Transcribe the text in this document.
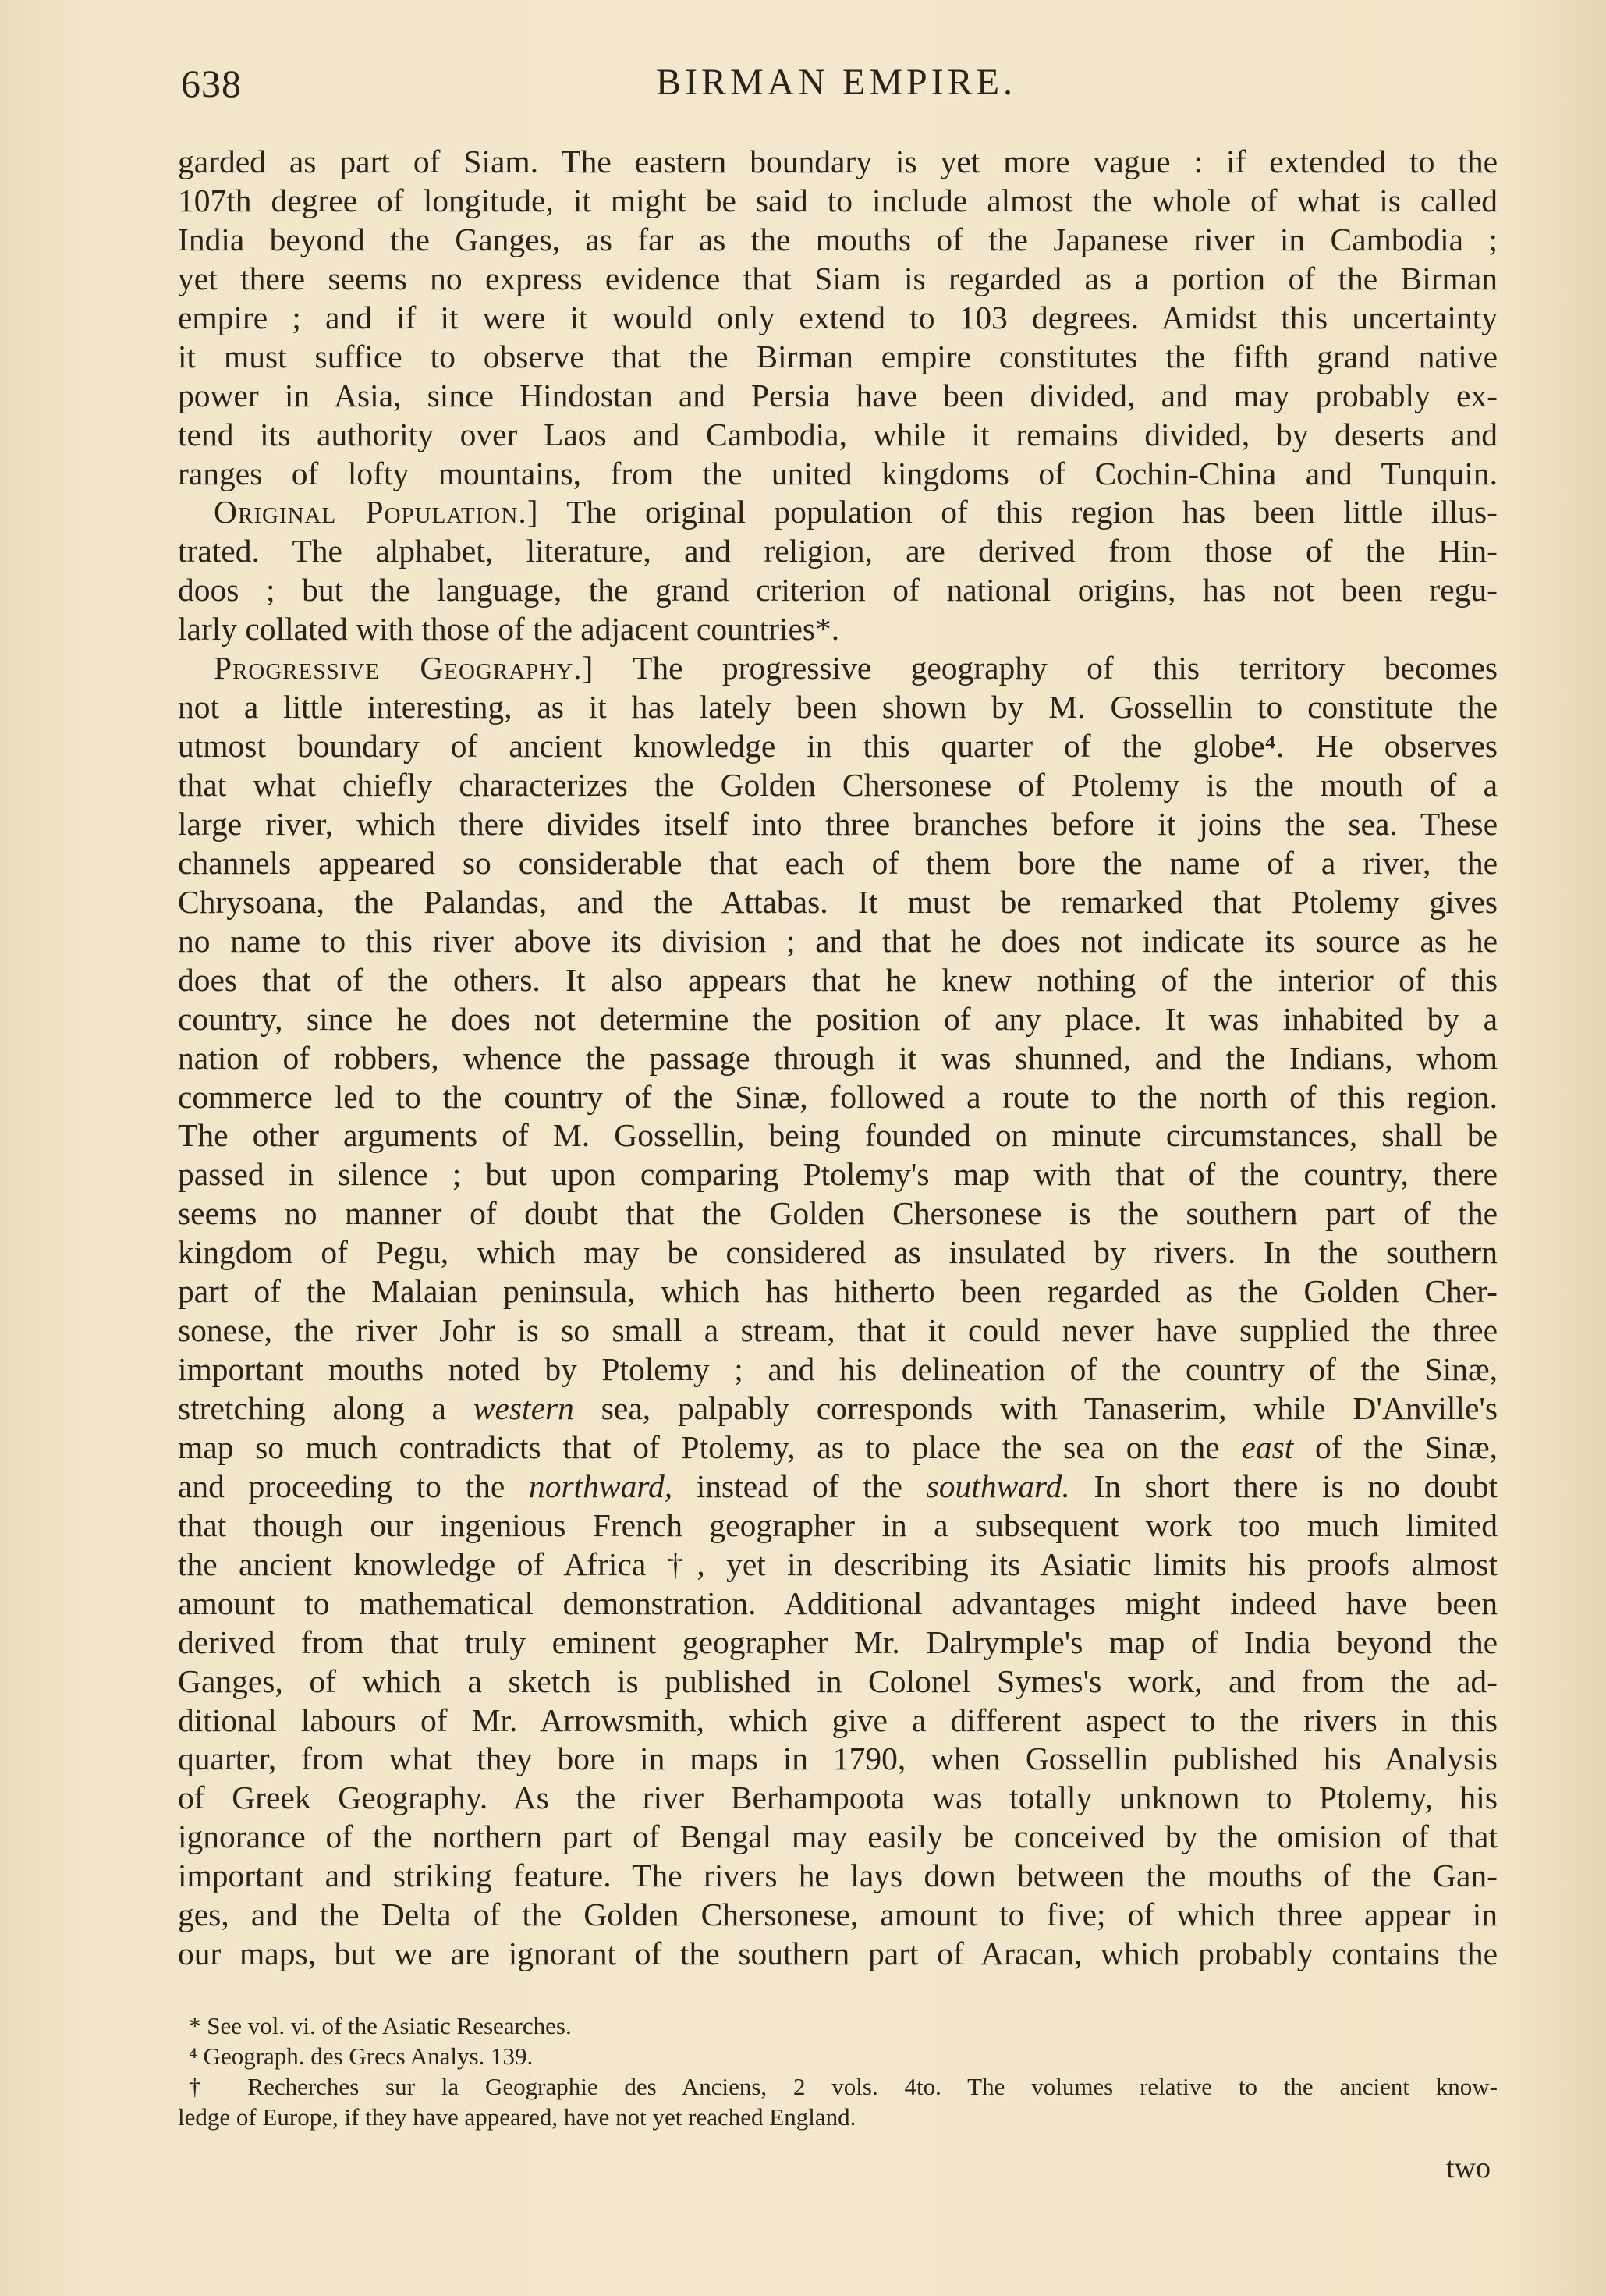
638	BIRMAN EMPIRE.
garded as part of Siam. The eastern boundary is yet more vague : if extended to the
107th degree of longitude, it might be said to include almost the whole of what is called
India beyond the Ganges, as far as the mouths of the Japanese river in Cambodia ;
yet there seems no express evidence that Siam is regarded as a portion of the Birman
empire ; and if it were it would only extend to 103 degrees. Amidst this uncertainty
it must suffice to observe that the Birman empire constitutes the fifth grand native
power in Asia, since Hindostan and Persia have been divided, and may probably ex-
tend its authority over Laos and Cambodia, while it remains divided, by deserts and
ranges of lofty mountains, from the united kingdoms of Cochin-China and Tunquin.
Original Population.] The original population of this region has been little illus-
trated. The alphabet, literature, and religion, are derived from those of the Hin-
doos ; but the language, the grand criterion of national origins, has not been regu-
larly collated with those of the adjacent countries*.
Progressive Geography.] The progressive geography of this territory becomes
not a little interesting, as it has lately been shown by M. Gossellin to constitute the
utmost boundary of ancient knowledge in this quarter of the globe⁴. He observes
that what chiefly characterizes the Golden Chersonese of Ptolemy is the mouth of a
large river, which there divides itself into three branches before it joins the sea. These
channels appeared so considerable that each of them bore the name of a river, the
Chrysoana, the Palandas, and the Attabas. It must be remarked that Ptolemy gives
no name to this river above its division ; and that he does not indicate its source as he
does that of the others. It also appears that he knew nothing of the interior of this
country, since he does not determine the position of any place. It was inhabited by a
nation of robbers, whence the passage through it was shunned, and the Indians, whom
commerce led to the country of the Sinæ, followed a route to the north of this region.
The other arguments of M. Gossellin, being founded on minute circumstances, shall be
passed in silence ; but upon comparing Ptolemy's map with that of the country, there
seems no manner of doubt that the Golden Chersonese is the southern part of the
kingdom of Pegu, which may be considered as insulated by rivers. In the southern
part of the Malaian peninsula, which has hitherto been regarded as the Golden Cher-
sonese, the river Johr is so small a stream, that it could never have supplied the three
important mouths noted by Ptolemy ; and his delineation of the country of the Sinæ,
stretching along a western sea, palpably corresponds with Tanaserim, while D'Anville's
map so much contradicts that of Ptolemy, as to place the sea on the east of the Sinæ,
and proceeding to the northward, instead of the southward. In short there is no doubt
that though our ingenious French geographer in a subsequent work too much limited
the ancient knowledge of Africa †, yet in describing its Asiatic limits his proofs almost
amount to mathematical demonstration. Additional advantages might indeed have been
derived from that truly eminent geographer Mr. Dalrymple's map of India beyond the
Ganges, of which a sketch is published in Colonel Symes's work, and from the ad-
ditional labours of Mr. Arrowsmith, which give a different aspect to the rivers in this
quarter, from what they bore in maps in 1790, when Gossellin published his Analysis
of Greek Geography. As the river Berhampoota was totally unknown to Ptolemy, his
ignorance of the northern part of Bengal may easily be conceived by the omision of that
important and striking feature. The rivers he lays down between the mouths of the Gan-
ges, and the Delta of the Golden Chersonese, amount to five; of which three appear in
our maps, but we are ignorant of the southern part of Aracan, which probably contains the
* See vol. vi. of the Asiatic Researches.
⁴ Geograph. des Grecs Analys. 139.
† Recherches sur la Geographie des Anciens, 2 vols. 4to. The volumes relative to the ancient know-
ledge of Europe, if they have appeared, have not yet reached England.
two
